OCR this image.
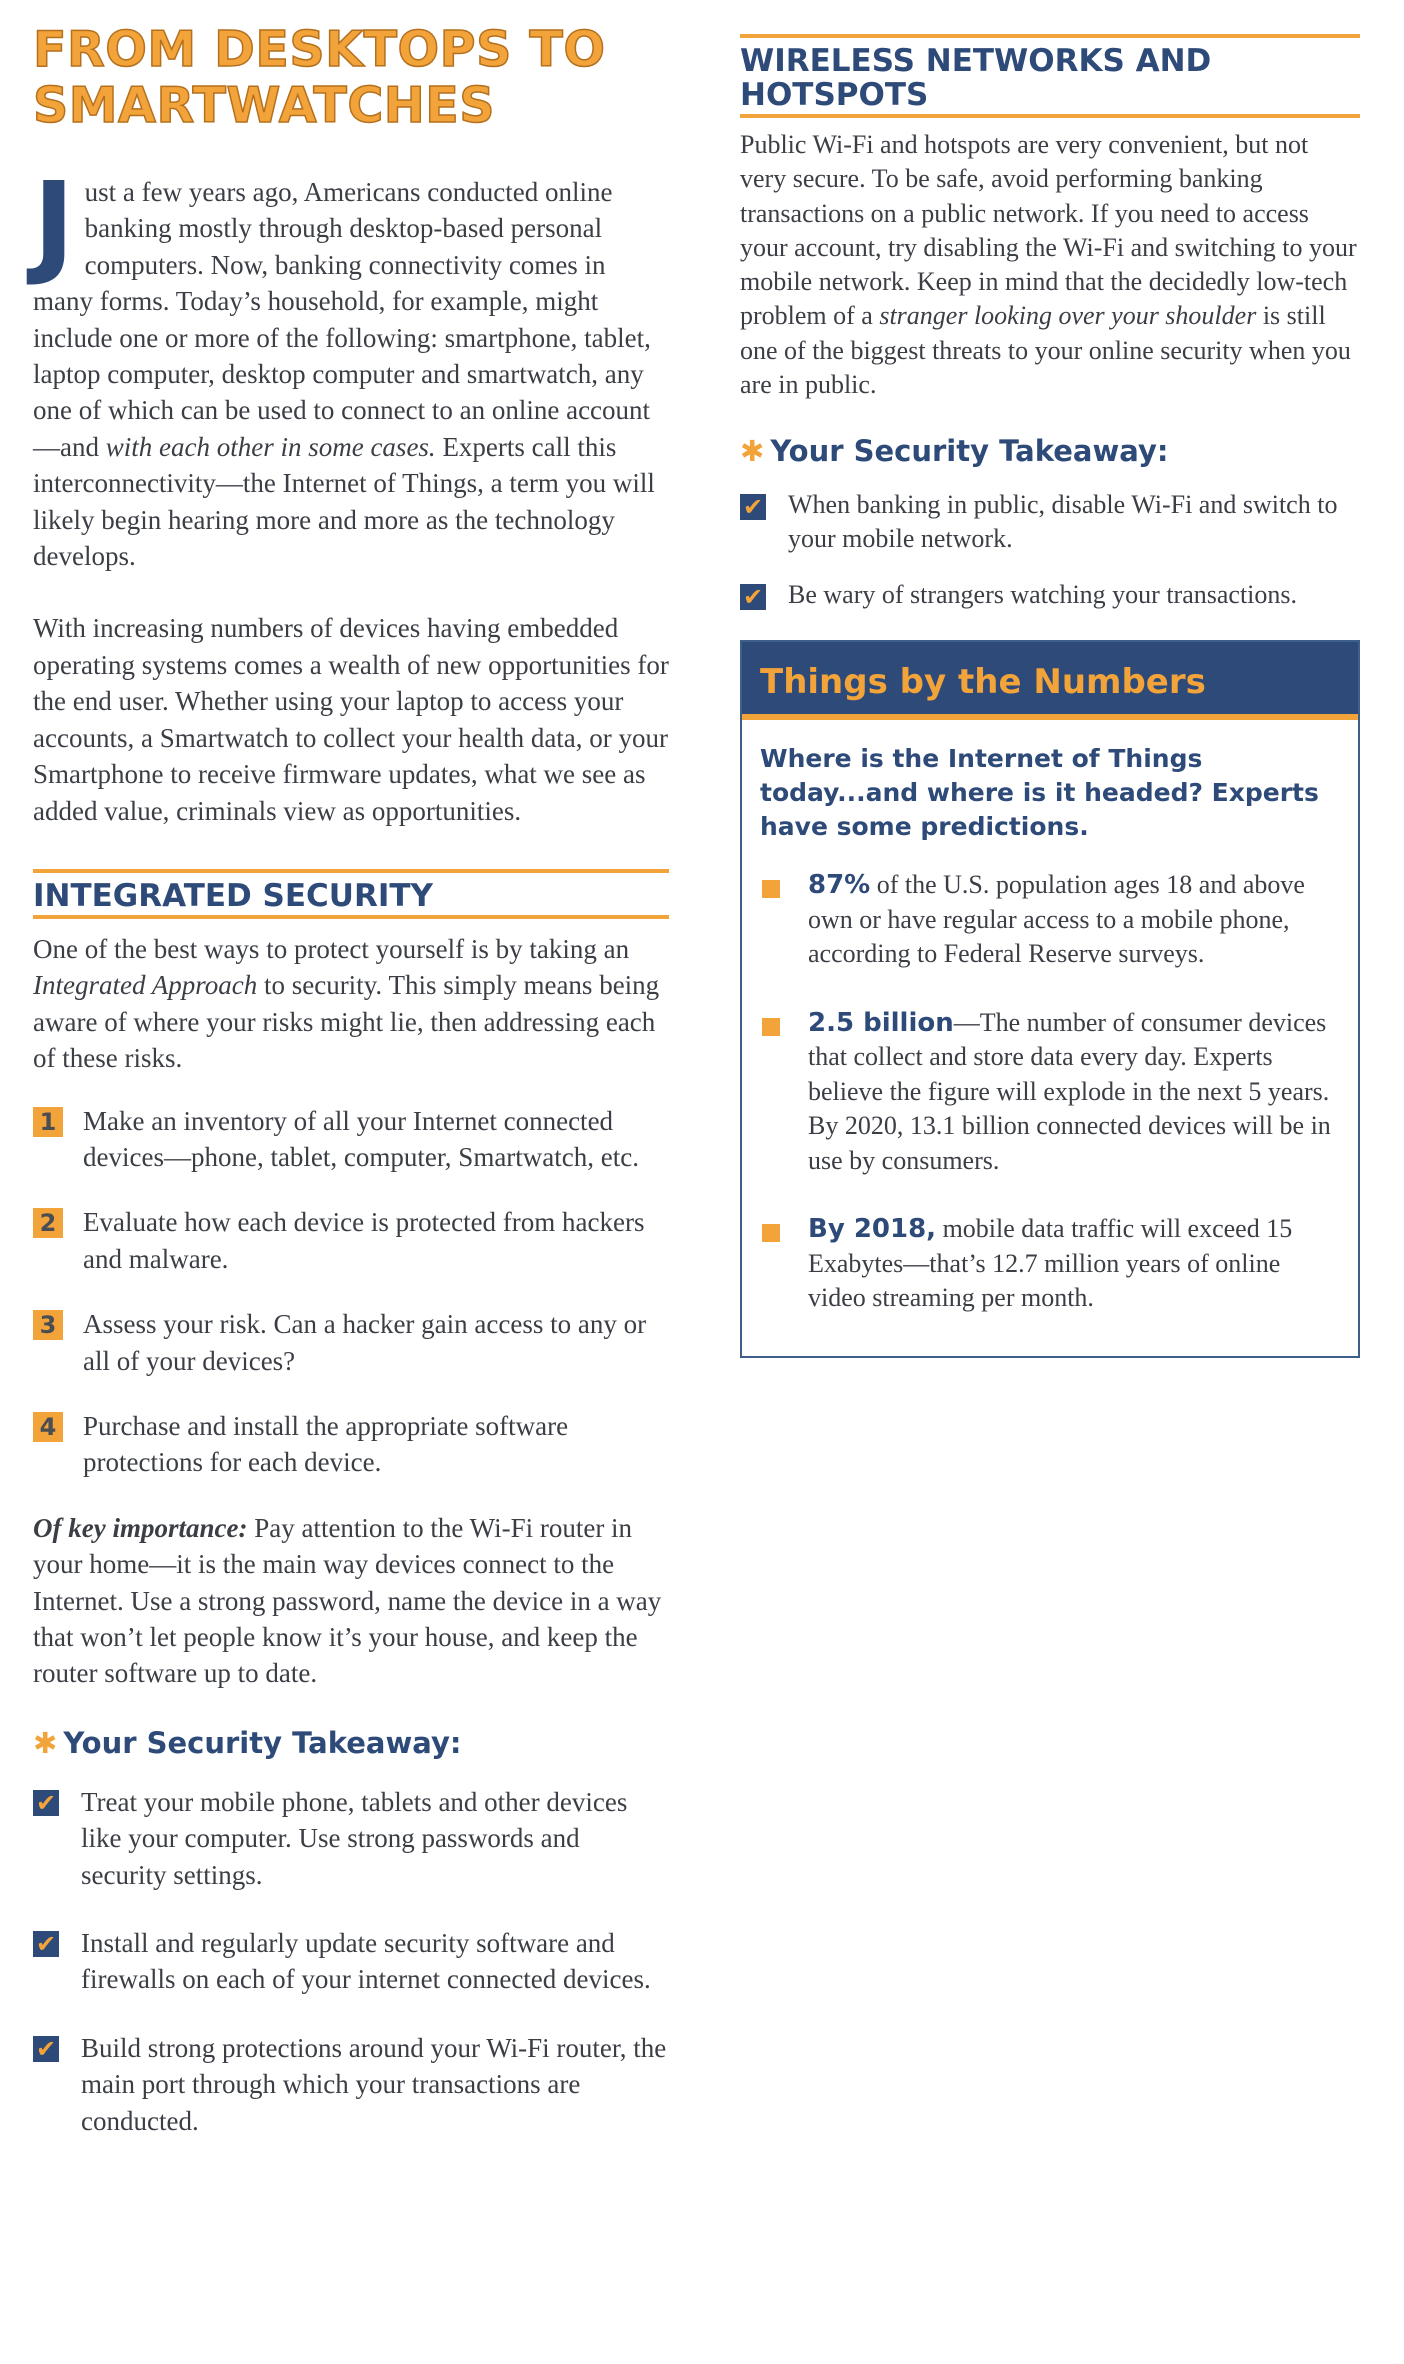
FROM DESKTOPS TO
SMARTWATCHES

Just a few years ago, Americans conducted online banking mostly through desktop-based personal computers. Now, banking connectivity comes in many forms. Today’s household, for example, might include one or more of the following: smartphone, tablet, laptop computer, desktop computer and smartwatch, any one of which can be used to connect to an online account—and with each other in some cases. Experts call this interconnectivity—the Internet of Things, a term you will likely begin hearing more and more as the technology develops.

With increasing numbers of devices having embedded operating systems comes a wealth of new opportunities for the end user. Whether using your laptop to access your accounts, a Smartwatch to collect your health data, or your Smartphone to receive firmware updates, what we see as added value, criminals view as opportunities.

INTEGRATED SECURITY

One of the best ways to protect yourself is by taking an Integrated Approach to security. This simply means being aware of where your risks might lie, then addressing each of these risks.

1 Make an inventory of all your Internet connected devices—phone, tablet, computer, Smartwatch, etc.
2 Evaluate how each device is protected from hackers and malware.
3 Assess your risk. Can a hacker gain access to any or all of your devices?
4 Purchase and install the appropriate software protections for each device.

Of key importance: Pay attention to the Wi-Fi router in your home—it is the main way devices connect to the Internet. Use a strong password, name the device in a way that won’t let people know it’s your house, and keep the router software up to date.

✱ Your Security Takeaway:
✔ Treat your mobile phone, tablets and other devices like your computer. Use strong passwords and security settings.
✔ Install and regularly update security software and firewalls on each of your internet connected devices.
✔ Build strong protections around your Wi-Fi router, the main port through which your transactions are conducted.
WIRELESS NETWORKS AND HOTSPOTS

Public Wi-Fi and hotspots are very convenient, but not very secure. To be safe, avoid performing banking transactions on a public network. If you need to access your account, try disabling the Wi-Fi and switching to your mobile network. Keep in mind that the decidedly low-tech problem of a stranger looking over your shoulder is still one of the biggest threats to your online security when you are in public.

✱ Your Security Takeaway:
✔ When banking in public, disable Wi-Fi and switch to your mobile network.
✔ Be wary of strangers watching your transactions.
Things by the Numbers

Where is the Internet of Things today...and where is it headed? Experts have some predictions.

87% of the U.S. population ages 18 and above own or have regular access to a mobile phone, according to Federal Reserve surveys.

2.5 billion—The number of consumer devices that collect and store data every day. Experts believe the figure will explode in the next 5 years. By 2020, 13.1 billion connected devices will be in use by consumers.

By 2018, mobile data traffic will exceed 15 Exabytes—that’s 12.7 million years of online video streaming per month.
